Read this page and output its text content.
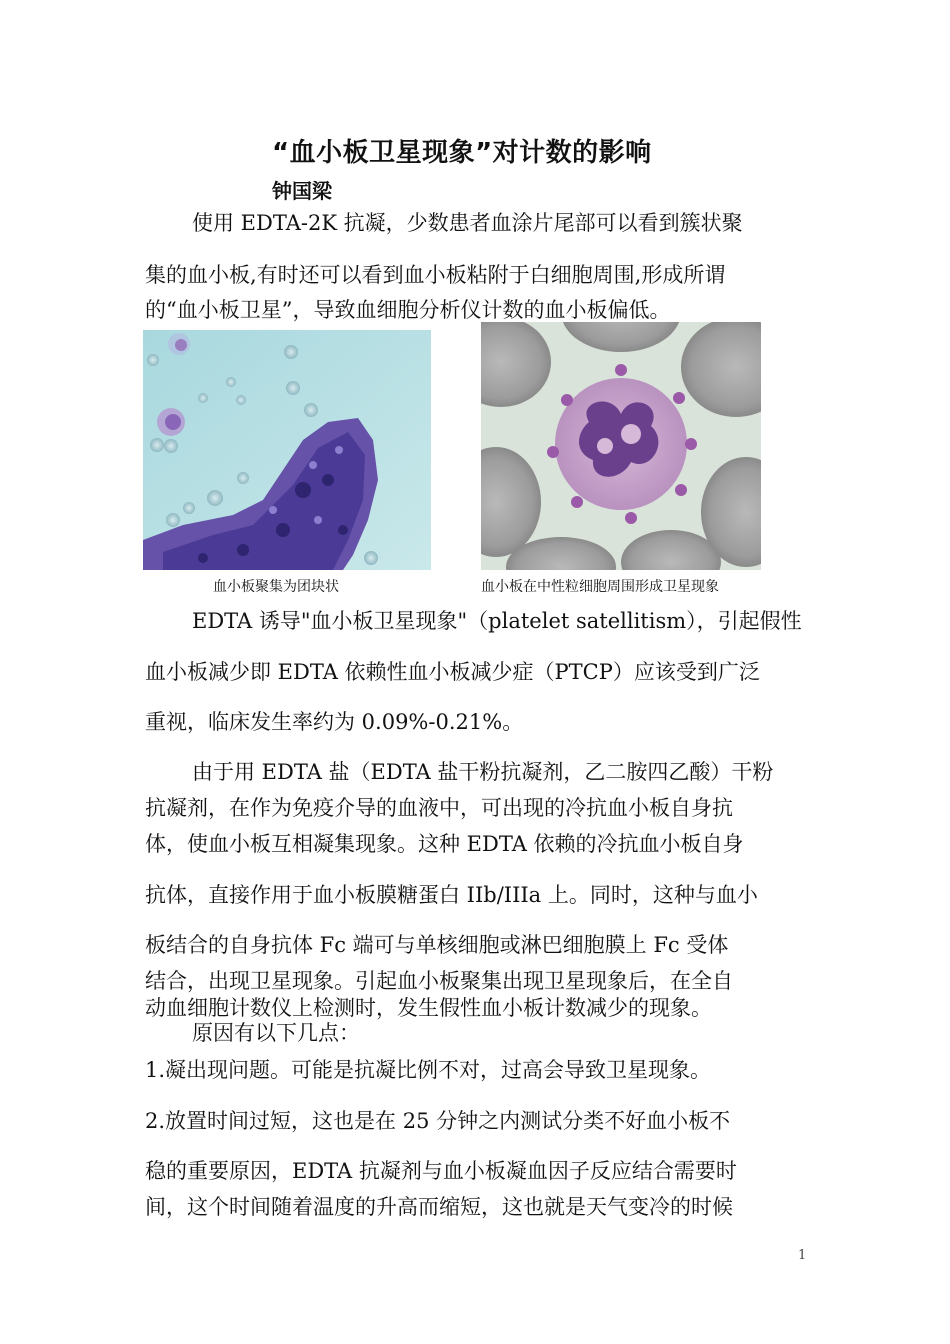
“血小板卫星现象”对计数的影响
钟国梁
使用 EDTA-2K 抗凝，少数患者血涂片尾部可以看到簇状聚
集的血小板,有时还可以看到血小板粘附于白细胞周围,形成所谓
的“血小板卫星”，导致血细胞分析仪计数的血小板偏低。
血小板聚集为团块状	血小板在中性粒细胞周围形成卫星现象
EDTA 诱导"血小板卫星现象"（platelet satellitism），引起假性
血小板减少即 EDTA 依赖性血小板减少症（PTCP）应该受到广泛
重视，临床发生率约为 0.09%-0.21%。
由于用 EDTA 盐（EDTA 盐干粉抗凝剂，乙二胺四乙酸）干粉
抗凝剂，在作为免疫介导的血液中，可出现的冷抗血小板自身抗
体，使血小板互相凝集现象。这种 EDTA 依赖的冷抗血小板自身
抗体，直接作用于血小板膜糖蛋白 IIb/IIIa 上。同时，这种与血小
板结合的自身抗体 Fc 端可与单核细胞或淋巴细胞膜上 Fc 受体
结合，出现卫星现象。引起血小板聚集出现卫星现象后，在全自
动血细胞计数仪上检测时，发生假性血小板计数减少的现象。
原因有以下几点：
1.凝出现问题。可能是抗凝比例不对，过高会导致卫星现象。
2.放置时间过短，这也是在 25 分钟之内测试分类不好血小板不
稳的重要原因，EDTA 抗凝剂与血小板凝血因子反应结合需要时
间，这个时间随着温度的升高而缩短，这也就是天气变冷的时候
1
